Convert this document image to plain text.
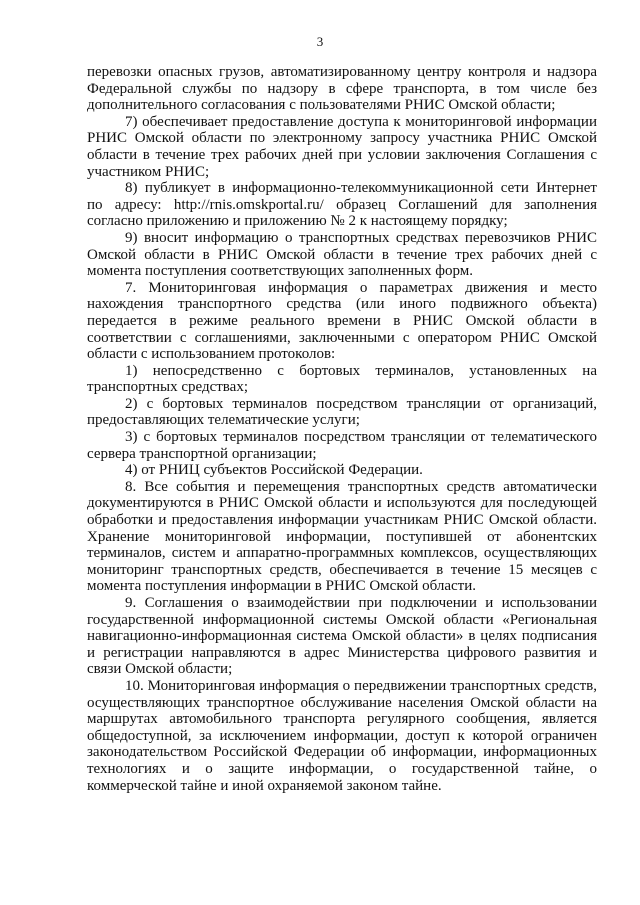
3

перевозки опасных грузов, автоматизированному центру контроля и надзора Федеральной службы по надзору в сфере транспорта, в том числе без дополнительного согласования с пользователями РНИС Омской области;

7) обеспечивает предоставление доступа к мониторинговой информации РНИС Омской области по электронному запросу участника РНИС Омской области в течение трех рабочих дней при условии заключения Соглашения с участником РНИС;

8) публикует в информационно-телекоммуникационной сети Интернет по адресу: http://rnis.omskportal.ru/ образец Соглашений для заполнения согласно приложению и приложению № 2 к настоящему порядку;

9) вносит информацию о транспортных средствах перевозчиков РНИС Омской области в РНИС Омской области в течение трех рабочих дней с момента поступления соответствующих заполненных форм.

7. Мониторинговая информация о параметрах движения и место нахождения транспортного средства (или иного подвижного объекта) передается в режиме реального времени в РНИС Омской области в соответствии с соглашениями, заключенными с оператором РНИС Омской области с использованием протоколов:

1) непосредственно с бортовых терминалов, установленных на транспортных средствах;

2) с бортовых терминалов посредством трансляции от организаций, предоставляющих телематические услуги;

3) с бортовых терминалов посредством трансляции от телематического сервера транспортной организации;

4) от РНИЦ субъектов Российской Федерации.

8. Все события и перемещения транспортных средств автоматически документируются в РНИС Омской области и используются для последующей обработки и предоставления информации участникам РНИС Омской области. Хранение мониторинговой информации, поступившей от абонентских терминалов, систем и аппаратно-программных комплексов, осуществляющих мониторинг транспортных средств, обеспечивается в течение 15 месяцев с момента поступления информации в РНИС Омской области.

9. Соглашения о взаимодействии при подключении и использовании государственной информационной системы Омской области «Региональная навигационно-информационная система Омской области» в целях подписания и регистрации направляются в адрес Министерства цифрового развития и связи Омской области;

10. Мониторинговая информация о передвижении транспортных средств, осуществляющих транспортное обслуживание населения Омской области на маршрутах автомобильного транспорта регулярного сообщения, является общедоступной, за исключением информации, доступ к которой ограничен законодательством Российской Федерации об информации, информационных технологиях и о защите информации, о государственной тайне, о коммерческой тайне и иной охраняемой законом тайне.
